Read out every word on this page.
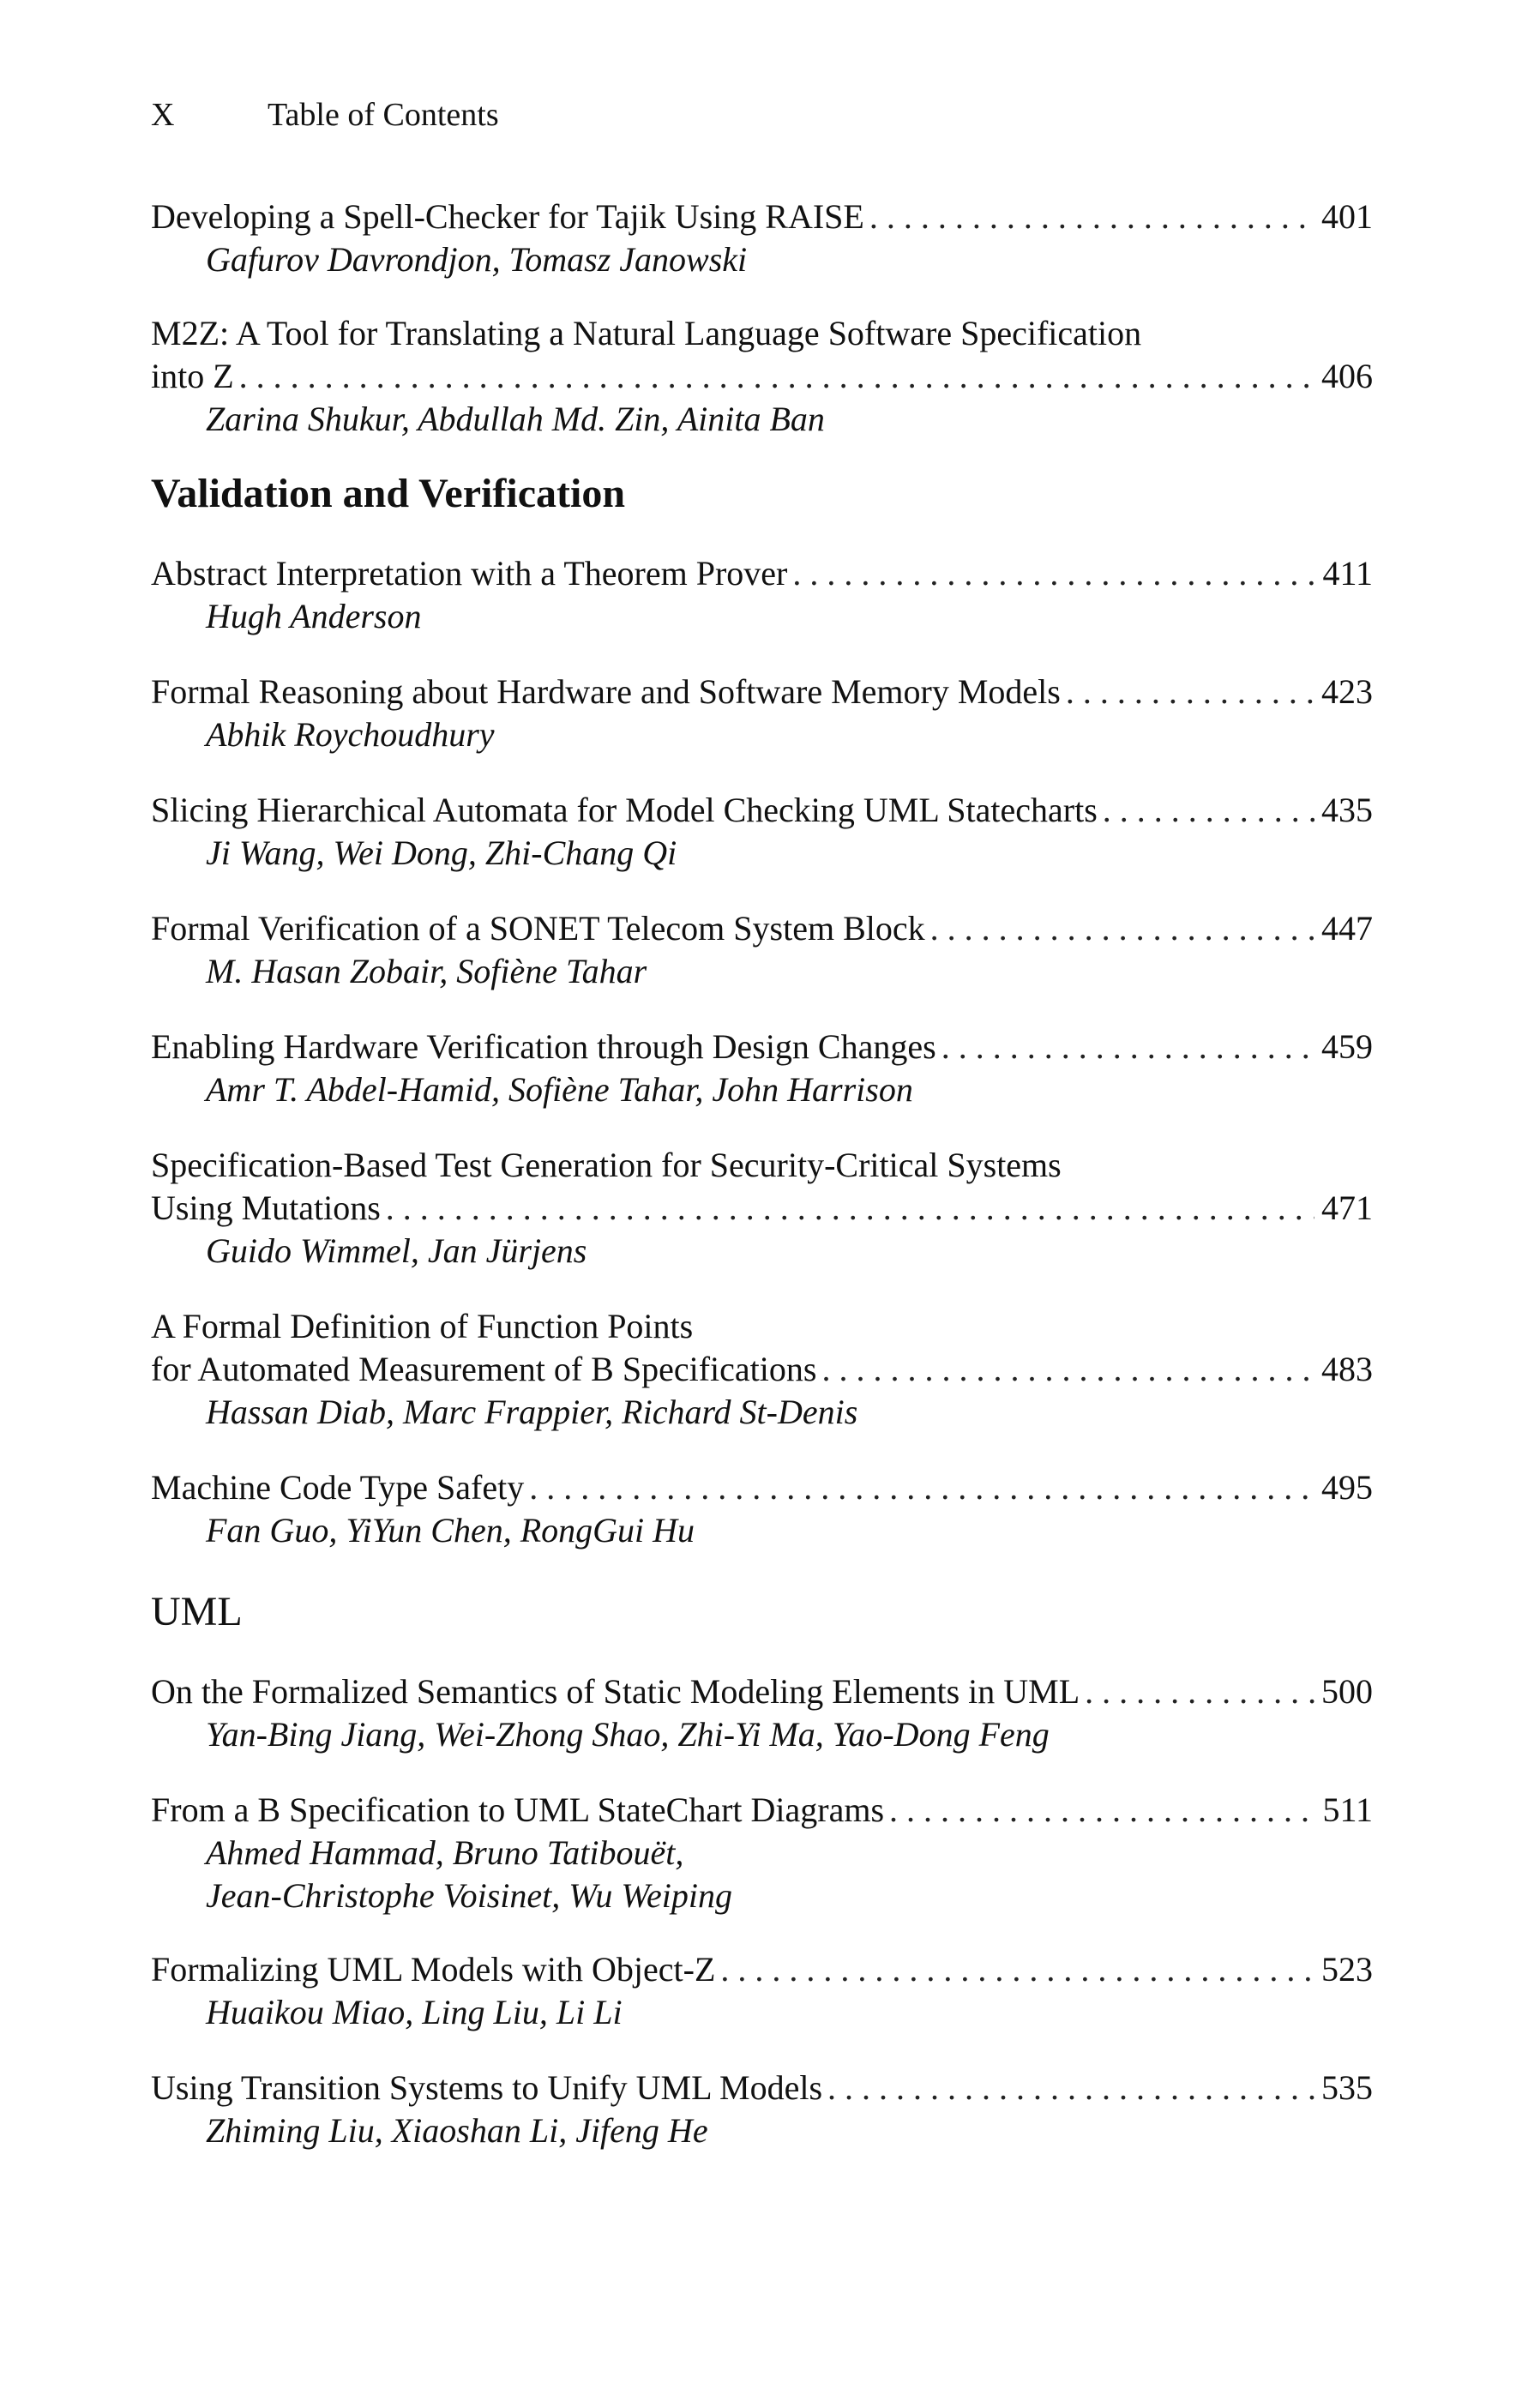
X	Table of Contents
Developing a Spell-Checker for Tajik Using RAISE . . .	401
Gafurov Davrondjon, Tomasz Janowski
M2Z: A Tool for Translating a Natural Language Software Specification
into Z . . .	406
Zarina Shukur, Abdullah Md. Zin, Ainita Ban
Validation and Verification
Abstract Interpretation with a Theorem Prover . . .	411
Hugh Anderson
Formal Reasoning about Hardware and Software Memory Models . . .	423
Abhik Roychoudhury
Slicing Hierarchical Automata for Model Checking UML Statecharts . . .	435
Ji Wang, Wei Dong, Zhi-Chang Qi
Formal Verification of a SONET Telecom System Block . . .	447
M. Hasan Zobair, Sofiène Tahar
Enabling Hardware Verification through Design Changes . . .	459
Amr T. Abdel-Hamid, Sofiène Tahar, John Harrison
Specification-Based Test Generation for Security-Critical Systems
Using Mutations . . .	471
Guido Wimmel, Jan Jürjens
A Formal Definition of Function Points
for Automated Measurement of B Specifications . . .	483
Hassan Diab, Marc Frappier, Richard St-Denis
Machine Code Type Safety . . .	495
Fan Guo, YiYun Chen, RongGui Hu
UML
On the Formalized Semantics of Static Modeling Elements in UML . . .	500
Yan-Bing Jiang, Wei-Zhong Shao, Zhi-Yi Ma, Yao-Dong Feng
From a B Specification to UML StateChart Diagrams . . .	511
Ahmed Hammad, Bruno Tatibouët,
Jean-Christophe Voisinet, Wu Weiping
Formalizing UML Models with Object-Z . . .	523
Huaikou Miao, Ling Liu, Li Li
Using Transition Systems to Unify UML Models . . .	535
Zhiming Liu, Xiaoshan Li, Jifeng He
